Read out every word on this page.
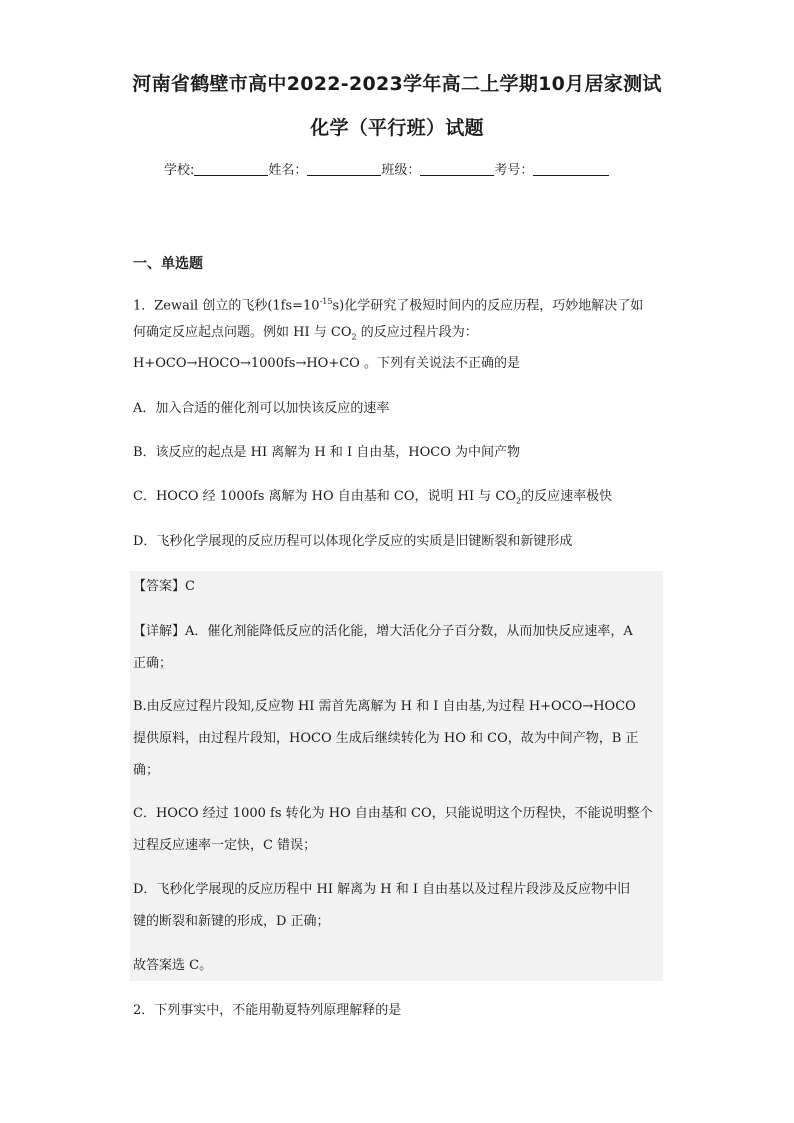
河南省鹤壁市高中2022-2023学年高二上学期10月居家测试
化学（平行班）试题
学校:	姓名：	班级：	考号：
一、单选题
1．Zewail 创立的飞秒$(1fs=10^{-15}s)$化学研究了极短时间内的反应历程，巧妙地解决了如
何确定反应起点问题。例如 HI 与 $CO_2$ 的反应过程片段为：
H+OCO→HOCO→1000fs→HO+CO 。下列有关说法不正确的是
A．加入合适的催化剂可以加快该反应的速率
B．该反应的起点是 HI 离解为 H 和 I 自由基，HOCO 为中间产物
C．HOCO 经 1000fs 离解为 HO 自由基和 CO，说明 HI 与 $CO_2$的反应速率极快
D．飞秒化学展现的反应历程可以体现化学反应的实质是旧键断裂和新键形成
【答案】C
【详解】A．催化剂能降低反应的活化能，增大活化分子百分数，从而加快反应速率，A
正确；
B.由反应过程片段知,反应物 HI 需首先离解为 H 和 I 自由基,为过程 H+OCO→HOCO
提供原料，由过程片段知，HOCO 生成后继续转化为 HO 和 CO，故为中间产物，B 正
确；
C．HOCO 经过 1000 fs 转化为 HO 自由基和 CO，只能说明这个历程快，不能说明整个
过程反应速率一定快，C 错误；
D．飞秒化学展现的反应历程中 HI 解离为 H 和 I 自由基以及过程片段涉及反应物中旧
键的断裂和新键的形成，D 正确；
故答案选 C。
2．下列事实中，不能用勒夏特列原理解释的是
